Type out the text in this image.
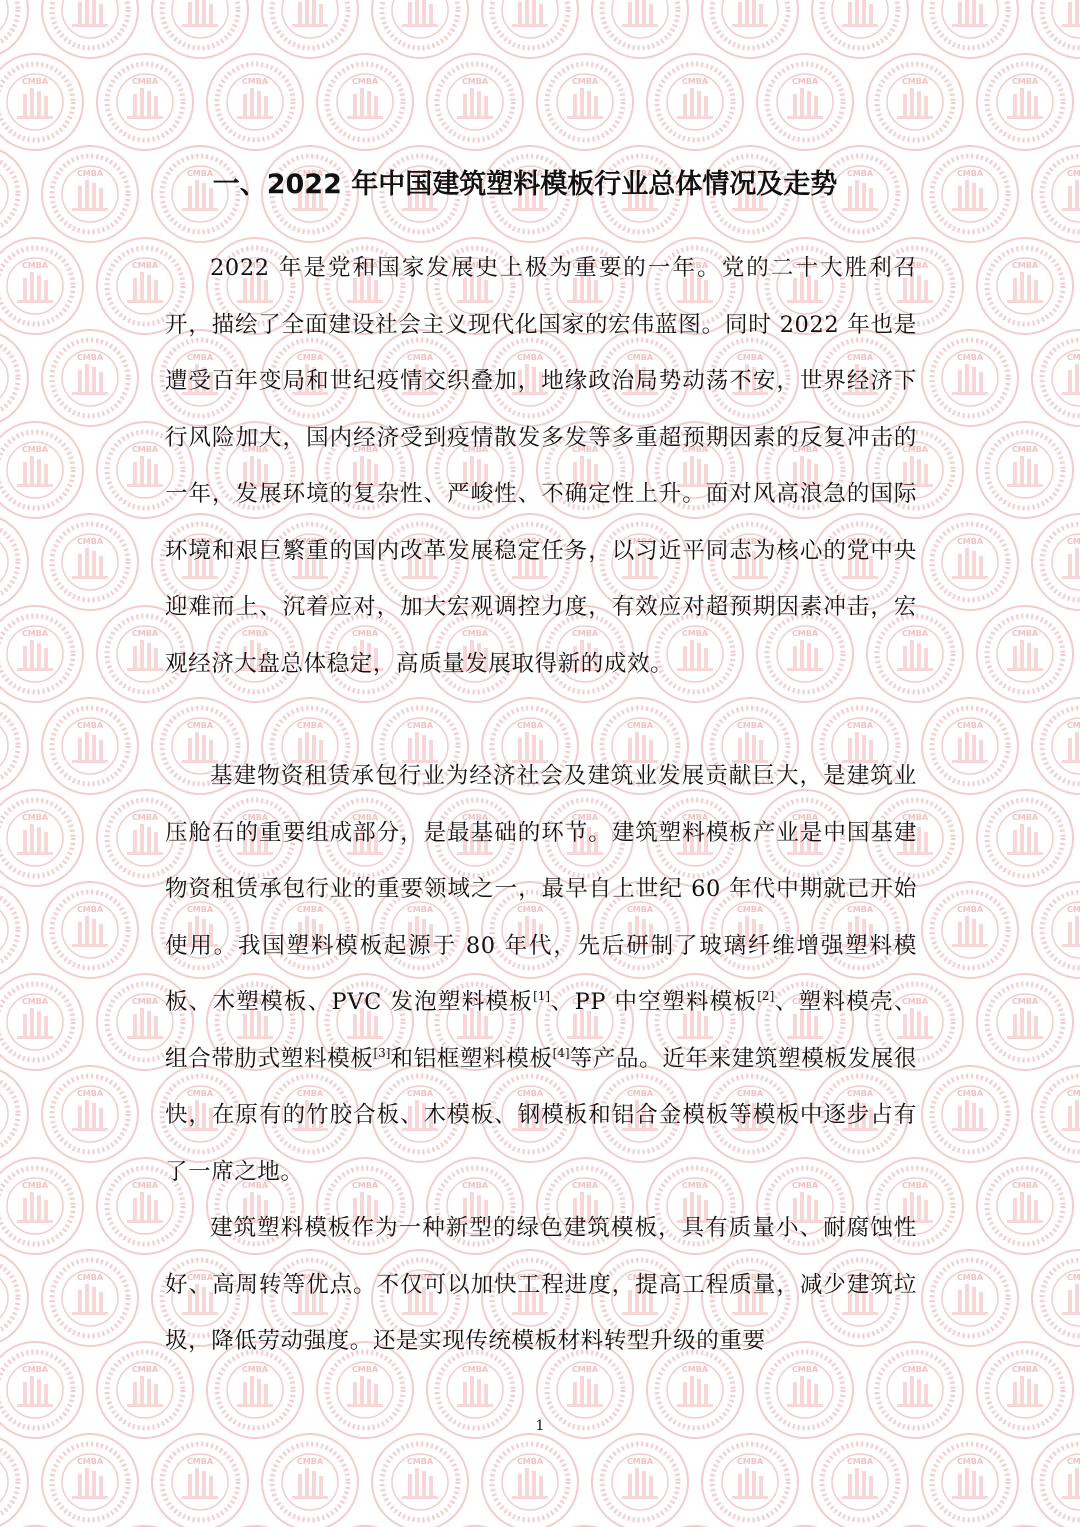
一、2022 年中国建筑塑料模板行业总体情况及走势

2022 年是党和国家发展史上极为重要的一年。党的二十大胜利召开，描绘了全面建设社会主义现代化国家的宏伟蓝图。同时 2022 年也是遭受百年变局和世纪疫情交织叠加，地缘政治局势动荡不安，世界经济下行风险加大，国内经济受到疫情散发多发等多重超预期因素的反复冲击的一年，发展环境的复杂性、严峻性、不确定性上升。面对风高浪急的国际环境和艰巨繁重的国内改革发展稳定任务，以习近平同志为核心的党中央迎难而上、沉着应对，加大宏观调控力度，有效应对超预期因素冲击，宏观经济大盘总体稳定，高质量发展取得新的成效。

基建物资租赁承包行业为经济社会及建筑业发展贡献巨大，是建筑业压舱石的重要组成部分，是最基础的环节。建筑塑料模板产业是中国基建物资租赁承包行业的重要领域之一，最早自上世纪 60 年代中期就已开始使用。我国塑料模板起源于 80 年代，先后研制了玻璃纤维增强塑料模板、木塑模板、PVC 发泡塑料模板[1]、PP 中空塑料模板[2]、塑料模壳、组合带肋式塑料模板[3]和铝框塑料模板[4]等产品。近年来建筑塑模板发展很快，在原有的竹胶合板、木模板、钢模板和铝合金模板等模板中逐步占有了一席之地。

建筑塑料模板作为一种新型的绿色建筑模板，具有质量小、耐腐蚀性好、高周转等优点。不仅可以加快工程进度，提高工程质量，减少建筑垃圾，降低劳动强度。还是实现传统模板材料转型升级的重要

1
